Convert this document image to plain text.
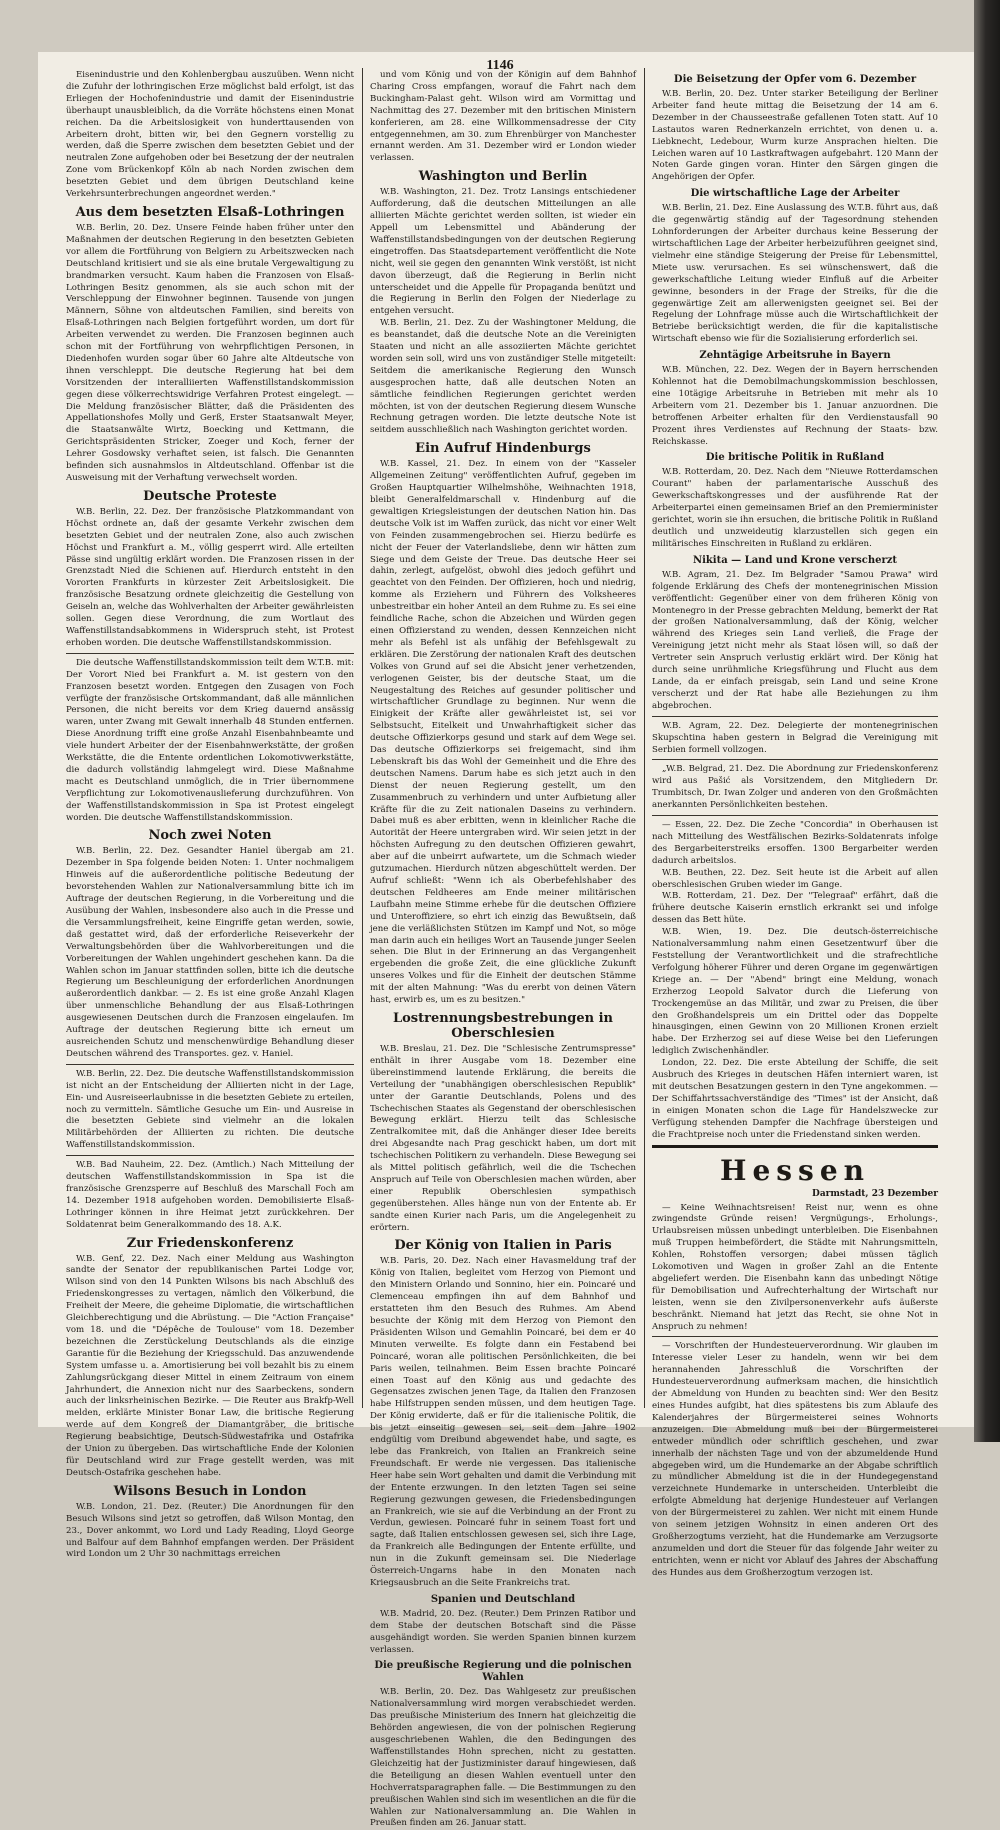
1146

Eisenindustrie und den Kohlenbergbau auszuüben. Wenn nicht die Zufuhr der lothringischen Erze möglichst bald erfolgt, ist das Erliegen der Hochofenindustrie und damit der Eisenindustrie überhaupt unausbleiblich, da die Vorräte höchstens einen Monat reichen. Da die Arbeitslosigkeit von hunderttausenden von Arbeitern droht, bitten wir, bei den Gegnern vorstellig zu werden, daß die Sperre zwischen dem besetzten Gebiet und der neutralen Zone aufgehoben oder bei Besetzung der der neutralen Zone vom Brückenkopf Köln ab nach Norden zwischen dem besetzten Gebiet und dem übrigen Deutschland keine Verkehrsunterbrechungen angeordnet werden."

Aus dem besetzten Elsaß-Lothringen

W.B. Berlin, 20. Dez. Unsere Feinde haben früher unter den Maßnahmen der deutschen Regierung in den besetzten Gebieten vor allem die Fortführung von Belgiern zu Arbeitszwecken nach Deutschland kritisiert und sie als eine brutale Vergewaltigung zu brandmarken versucht. Kaum haben die Franzosen von Elsaß-Lothringen Besitz genommen, als sie auch schon mit der Verschleppung der Einwohner beginnen. Tausende von jungen Männern, Söhne von altdeutschen Familien, sind bereits von Elsaß-Lothringen nach Belgien fortgeführt worden, um dort für Arbeiten verwendet zu werden. Die Franzosen beginnen auch schon mit der Fortführung von wehrpflichtigen Personen, in Diedenhofen wurden sogar über 60 Jahre alte Altdeutsche von ihnen verschleppt. Die deutsche Regierung hat bei dem Vorsitzenden der interalliierten Waffenstillstandskommission gegen diese völkerrechtswidrige Verfahren Protest eingelegt. — Die Meldung französischer Blätter, daß die Präsidenten des Appellationshofes Molly und Gerß, Erster Staatsanwalt Meyer, die Staatsanwälte Wirtz, Boecking und Kettmann, die Gerichtspräsidenten Stricker, Zoeger und Koch, ferner der Lehrer Gosdowsky verhaftet seien, ist falsch. Die Genannten befinden sich ausnahmslos in Altdeutschland. Offenbar ist die Ausweisung mit der Verhaftung verwechselt worden.

Deutsche Proteste

W.B. Berlin, 22. Dez. Der französische Platzkommandant von Höchst ordnete an, daß der gesamte Verkehr zwischen dem besetzten Gebiet und der neutralen Zone, also auch zwischen Höchst und Frankfurt a. M., völlig gesperrt wird. Alle erteilten Pässe sind ungültig erklärt worden. Die Franzosen rissen in der Grenzstadt Nied die Schienen auf. Hierdurch entsteht in den Vororten Frankfurts in kürzester Zeit Arbeitslosigkeit. Die französische Besatzung ordnete gleichzeitig die Gestellung von Geiseln an, welche das Wohlverhalten der Arbeiter gewährleisten sollen. Gegen diese Verordnung, die zum Wortlaut des Waffenstillstandsabkommens in Widerspruch steht, ist Protest erhoben worden. Die deutsche Waffenstillstandskommission.

Die deutsche Waffenstillstandskommission teilt dem W.T.B. mit: Der Vorort Nied bei Frankfurt a. M. ist gestern von den Franzosen besetzt worden. Entgegen den Zusagen von Foch verfügte der französische Ortskommandant, daß alle männlichen Personen, die nicht bereits vor dem Krieg dauernd ansässig waren, unter Zwang mit Gewalt innerhalb 48 Stunden entfernen. Diese Anordnung trifft eine große Anzahl Eisenbahnbeamte und viele hundert Arbeiter der der Eisenbahnwerkstätte, der großen Werkstätte, die die Entente ordentlichen Lokomotivwerkstätte, die dadurch vollständig lahmgelegt wird. Diese Maßnahme macht es Deutschland unmöglich, die in Trier übernommene Verpflichtung zur Lokomotivenauslieferung durchzuführen. Von der Waffenstillstandskommission in Spa ist Protest eingelegt worden. Die deutsche Waffenstillstandskommission.

Noch zwei Noten

W.B. Berlin, 22. Dez. Gesandter Haniel übergab am 21. Dezember in Spa folgende beiden Noten: 1. Unter nochmaligem Hinweis auf die außerordentliche politische Bedeutung der bevorstehenden Wahlen zur Nationalversammlung bitte ich im Auftrage der deutschen Regierung, in die Vorbereitung und die Ausübung der Wahlen, insbesondere also auch in die Presse und die Versammlungsfreiheit, keine Eingriffe getan werden, sowie, daß gestattet wird, daß der erforderliche Reiseverkehr der Verwaltungsbehörden über die Wahlvorbereitungen und die Vorbereitungen der Wahlen ungehindert geschehen kann. Da die Wahlen schon im Januar stattfinden sollen, bitte ich die deutsche Regierung um Beschleunigung der erforderlichen Anordnungen außerordentlich dankbar. — 2. Es ist eine große Anzahl Klagen über unmenschliche Behandlung der aus Elsaß-Lothringen ausgewiesenen Deutschen durch die Franzosen eingelaufen. Im Auftrage der deutschen Regierung bitte ich erneut um ausreichenden Schutz und menschenwürdige Behandlung dieser Deutschen während des Transportes. gez. v. Haniel.

W.B. Berlin, 22. Dez. Die deutsche Waffenstillstandskommission ist nicht an der Entscheidung der Alliierten nicht in der Lage, Ein- und Ausreiseerlaubnisse in die besetzten Gebiete zu erteilen, noch zu vermitteln. Sämtliche Gesuche um Ein- und Ausreise in die besetzten Gebiete sind vielmehr an die lokalen Militärbehörden der Alliierten zu richten. Die deutsche Waffenstillstandskommission.

W.B. Bad Nauheim, 22. Dez. (Amtlich.) Nach Mitteilung der deutschen Waffenstillstandskommission in Spa ist die französische Grenzsperre auf Beschluß des Marschall Foch am 14. Dezember 1918 aufgehoben worden. Demobilisierte Elsaß-Lothringer können in ihre Heimat jetzt zurückkehren. Der Soldatenrat beim Generalkommando des 18. A.K.

Zur Friedenskonferenz

W.B. Genf, 22. Dez. Nach einer Meldung aus Washington sandte der Senator der republikanischen Partei Lodge vor, Wilson sind von den 14 Punkten Wilsons bis nach Abschluß des Friedenskongresses zu vertagen, nämlich den Völkerbund, die Freiheit der Meere, die geheime Diplomatie, die wirtschaftlichen Gleichberechtigung und die Abrüstung. — Die "Action Française" vom 18. und die "Dépêche de Toulouse" vom 18. Dezember bezeichnen die Zerstückelung Deutschlands als die einzige Garantie für die Beziehung der Kriegsschuld. Das anzuwendende System umfasse u. a. Amortisierung bei voll bezahlt bis zu einem Zahlungsrückgang dieser Mittel in einem Zeitraum von einem Jahrhundert, die Annexion nicht nur des Saarbeckens, sondern auch der linksrheinischen Bezirke. — Die Reuter aus Brakfp-Well melden, erklärte Minister Bonar Law, die britische Regierung werde auf dem Kongreß der Diamantgräber, die britische Regierung beabsichtige, Deutsch-Südwestafrika und Ostafrika der Union zu übergeben. Das wirtschaftliche Ende der Kolonien für Deutschland wird zur Frage gestellt werden, was mit Deutsch-Ostafrika geschehen habe.

Wilsons Besuch in London

W.B. London, 21. Dez. (Reuter.) Die Anordnungen für den Besuch Wilsons sind jetzt so getroffen, daß Wilson Montag, den 23., Dover ankommt, wo Lord und Lady Reading, Lloyd George und Balfour auf dem Bahnhof empfangen werden. Der Präsident wird London um 2 Uhr 30 nachmittags erreichen

und vom König und von der Königin auf dem Bahnhof Charing Cross empfangen, worauf die Fahrt nach dem Buckingham-Palast geht. Wilson wird am Vormittag und Nachmittag des 27. Dezember mit den britischen Ministern konferieren, am 28. eine Willkommensadresse der City entgegennehmen, am 30. zum Ehrenbürger von Manchester ernannt werden. Am 31. Dezember wird er London wieder verlassen.

Washington und Berlin

W.B. Washington, 21. Dez. Trotz Lansings entschiedener Aufforderung, daß die deutschen Mitteilungen an alle alliierten Mächte gerichtet werden sollten, ist wieder ein Appell um Lebensmittel und Abänderung der Waffenstillstandsbedingungen von der deutschen Regierung eingetroffen. Das Staatsdepartement veröffentlicht die Note nicht, weil sie gegen den genannten Wink verstößt, ist nicht davon überzeugt, daß die Regierung in Berlin nicht unterscheidet und die Appelle für Propaganda benützt und die Regierung in Berlin den Folgen der Niederlage zu entgehen versucht.

W.B. Berlin, 21. Dez. Zu der Washingtoner Meldung, die es beanstandet, daß die deutsche Note an die Vereinigten Staaten und nicht an alle assoziierten Mächte gerichtet worden sein soll, wird uns von zuständiger Stelle mitgeteilt: Seitdem die amerikanische Regierung den Wunsch ausgesprochen hatte, daß alle deutschen Noten an sämtliche feindlichen Regierungen gerichtet werden möchten, ist von der deutschen Regierung diesem Wunsche Rechnung getragen worden. Die letzte deutsche Note ist seitdem ausschließlich nach Washington gerichtet worden.

Ein Aufruf Hindenburgs

W.B. Kassel, 21. Dez. In einem von der "Kasseler Allgemeinen Zeitung" veröffentlichten Aufruf, gegeben im Großen Hauptquartier Wilhelmshöhe, Weihnachten 1918, bleibt Generalfeldmarschall v. Hindenburg auf die gewaltigen Kriegsleistungen der deutschen Nation hin. Das deutsche Volk ist im Waffen zurück, das nicht vor einer Welt von Feinden zusammengebrochen sei. Hierzu bedürfe es nicht der Feuer der Vaterlandsliebe, denn wir hätten zum Siege und dem Geiste der Treue. Das deutsche Heer sei dahin, zerlegt, aufgelöst, obwohl dies jedoch geführt und geachtet von den Feinden. Der Offizieren, hoch und niedrig, komme als Erziehern und Führern des Volksheeres unbestreitbar ein hoher Anteil an dem Ruhme zu. Es sei eine feindliche Rache, schon die Abzeichen und Würden gegen einen Offizierstand zu wenden, dessen Kennzeichen nicht mehr als Befehl ist als unfähig der Befehlsgewalt zu erklären. Die Zerstörung der nationalen Kraft des deutschen Volkes von Grund auf sei die Absicht jener verhetzenden, verlogenen Geister, bis der deutsche Staat, um die Neugestaltung des Reiches auf gesunder politischer und wirtschaftlicher Grundlage zu beginnen. Nur wenn die Einigkeit der Kräfte aller gewährleistet ist, sei vor Selbstsucht, Eitelkeit und Unwahrhaftigkeit sicher das deutsche Offizierkorps gesund und stark auf dem Wege sei. Das deutsche Offizierkorps sei freigemacht, sind ihm Lebenskraft bis das Wohl der Gemeinheit und die Ehre des deutschen Namens. Darum habe es sich jetzt auch in den Dienst der neuen Regierung gestellt, um den Zusammenbruch zu verhindern und unter Aufbietung aller Kräfte für die zu Zeit nationalen Daseins zu verhindern. Dabei muß es aber erbitten, wenn in kleinlicher Rache die Autorität der Heere untergraben wird. Wir seien jetzt in der höchsten Aufregung zu den deutschen Offizieren gewahrt, aber auf die unbeirrt aufwartete, um die Schmach wieder gutzumachen. Hierdurch nützen abgeschüttelt werden. Der Aufruf schließt: "Wenn ich als Oberbefehlshaber des deutschen Feldheeres am Ende meiner militärischen Laufbahn meine Stimme erhebe für die deutschen Offiziere und Unteroffiziere, so ehrt ich einzig das Bewußtsein, daß jene die verläßlichsten Stützen im Kampf und Not, so möge man darin auch ein heiliges Wort an Tausende junger Seelen sehen. Die Blut in der Erinnerung an das Vergangenheit ergebenden die große Zeit, die eine glückliche Zukunft unseres Volkes und für die Einheit der deutschen Stämme mit der alten Mahnung: "Was du ererbt von deinen Vätern hast, erwirb es, um es zu besitzen."

Lostrennungsbestrebungen in Oberschlesien

W.B. Breslau, 21. Dez. Die "Schlesische Zentrumspresse" enthält in ihrer Ausgabe vom 18. Dezember eine übereinstimmend lautende Erklärung, die bereits die Verteilung der "unabhängigen oberschlesischen Republik" unter der Garantie Deutschlands, Polens und des Tschechischen Staates als Gegenstand der oberschlesischen Bewegung erklärt. Hierzu teilt das Schlesische Zentralkomitee mit, daß die Anhänger dieser Idee bereits drei Abgesandte nach Prag geschickt haben, um dort mit tschechischen Politikern zu verhandeln. Diese Bewegung sei als Mittel politisch gefährlich, weil die die Tschechen Anspruch auf Teile von Oberschlesien machen würden, aber einer Republik Oberschlesien sympathisch gegenüberstehen. Alles hänge nun von der Entente ab. Er sandte einen Kurier nach Paris, um die Angelegenheit zu erörtern.

Der König von Italien in Paris

W.B. Paris, 20. Dez. Nach einer Havasmeldung traf der König von Italien, begleitet vom Herzog von Piemont und den Ministern Orlando und Sonnino, hier ein. Poincaré und Clemenceau empfingen ihn auf dem Bahnhof und erstatteten ihm den Besuch des Ruhmes. Am Abend besuchte der König mit dem Herzog von Piemont den Präsidenten Wilson und Gemahlin Poincaré, bei dem er 40 Minuten verweilte. Es folgte dann ein Festabend bei Poincaré, woran alle politischen Persönlichkeiten, die bei Paris weilen, teilnahmen. Beim Essen brachte Poincaré einen Toast auf den König aus und gedachte des Gegensatzes zwischen jenen Tage, da Italien den Franzosen habe Hilfstruppen senden müssen, und dem heutigen Tage. Der König erwiderte, daß er für die italienische Politik, die bis jetzt einseitig gewesen sei, seit dem Jahre 1902 endgültig vom Dreibund abgewendet habe, und sagte, es lebe das Frankreich, von Italien an Frankreich seine Freundschaft. Er werde nie vergessen. Das italienische Heer habe sein Wort gehalten und damit die Verbindung mit der Entente erzwungen. In den letzten Tagen sei seine Regierung gezwungen gewesen, die Friedensbedingungen an Frankreich, wie sie auf die Verbindung an der Front zu Verdun, gewiesen. Poincaré fuhr in seinem Toast fort und sagte, daß Italien entschlossen gewesen sei, sich ihre Lage, da Frankreich alle Bedingungen der Entente erfüllte, und nun in die Zukunft gemeinsam sei. Die Niederlage Österreich-Ungarns habe in den Monaten nach Kriegsausbruch an die Seite Frankreichs trat.

Spanien und Deutschland

W.B. Madrid, 20. Dez. (Reuter.) Dem Prinzen Ratibor und dem Stabe der deutschen Botschaft sind die Pässe ausgehändigt worden. Sie werden Spanien binnen kurzem verlassen.

Die preußische Regierung und die polnischen Wahlen

W.B. Berlin, 20. Dez. Das Wahlgesetz zur preußischen Nationalversammlung wird morgen verabschiedet werden. Das preußische Ministerium des Innern hat gleichzeitig die Behörden angewiesen, die von der polnischen Regierung ausgeschriebenen Wahlen, die den Bedingungen des Waffenstillstandes Hohn sprechen, nicht zu gestatten. Gleichzeitig hat der Justizminister darauf hingewiesen, daß die Beteiligung an diesen Wahlen eventuell unter den Hochverratsparagraphen falle. — Die Bestimmungen zu den preußischen Wahlen sind sich im wesentlichen an die für die Wahlen zur Nationalversammlung an. Die Wahlen in Preußen finden am 26. Januar statt.

Die Beisetzung der Opfer vom 6. Dezember

W.B. Berlin, 20. Dez. Unter starker Beteiligung der Berliner Arbeiter fand heute mittag die Beisetzung der 14 am 6. Dezember in der Chausseestraße gefallenen Toten statt. Auf 10 Lastautos waren Rednerkanzeln errichtet, von denen u. a. Liebknecht, Ledebour, Wurm kurze Ansprachen hielten. Die Leichen waren auf 10 Lastkraftwagen aufgebahrt. 120 Mann der Noten Garde gingen voran. Hinter den Särgen gingen die Angehörigen der Opfer.

Die wirtschaftliche Lage der Arbeiter

W.B. Berlin, 21. Dez. Eine Auslassung des W.T.B. führt aus, daß die gegenwärtig ständig auf der Tagesordnung stehenden Lohnforderungen der Arbeiter durchaus keine Besserung der wirtschaftlichen Lage der Arbeiter herbeizuführen geeignet sind, vielmehr eine ständige Steigerung der Preise für Lebensmittel, Miete usw. verursachen. Es sei wünschenswert, daß die gewerkschaftliche Leitung wieder Einfluß auf die Arbeiter gewinne, besonders in der Frage der Streiks, für die die gegenwärtige Zeit am allerwenigsten geeignet sei. Bei der Regelung der Lohnfrage müsse auch die Wirtschaftlichkeit der Betriebe berücksichtigt werden, die für die kapitalistische Wirtschaft ebenso wie für die Sozialisierung erforderlich sei.

Zehntägige Arbeitsruhe in Bayern

W.B. München, 22. Dez. Wegen der in Bayern herrschenden Kohlennot hat die Demobilmachungskommission beschlossen, eine 10tägige Arbeitsruhe in Betrieben mit mehr als 10 Arbeitern vom 21. Dezember bis 1. Januar anzuordnen. Die betroffenen Arbeiter erhalten für den Verdienstausfall 90 Prozent ihres Verdienstes auf Rechnung der Staats- bzw. Reichskasse.

Die britische Politik in Rußland

W.B. Rotterdam, 20. Dez. Nach dem "Nieuwe Rotterdamschen Courant" haben der parlamentarische Ausschuß des Gewerkschaftskongresses und der ausführende Rat der Arbeiterpartei einen gemeinsamen Brief an den Premierminister gerichtet, worin sie ihn ersuchen, die britische Politik in Rußland deutlich und unzweideutig klarzustellen sich gegen ein militärisches Einschreiten in Rußland zu erklären.

Nikita — Land und Krone verscherzt

W.B. Agram, 21. Dez. Im Belgrader "Samou Prawa" wird folgende Erklärung des Chefs der montenegrinischen Mission veröffentlicht: Gegenüber einer von dem früheren König von Montenegro in der Presse gebrachten Meldung, bemerkt der Rat der großen Nationalversammlung, daß der König, welcher während des Krieges sein Land verließ, die Frage der Vereinigung jetzt nicht mehr als Staat lösen will, so daß der Vertreter sein Anspruch verlustig erklärt wird. Der König hat durch seine unrühmliche Kriegsführung und Flucht aus dem Lande, da er einfach preisgab, sein Land und seine Krone verscherzt und der Rat habe alle Beziehungen zu ihm abgebrochen.

W.B. Agram, 22. Dez. Delegierte der montenegrinischen Skupschtina haben gestern in Belgrad die Vereinigung mit Serbien formell vollzogen.

„W.B. Belgrad, 21. Dez. Die Abordnung zur Friedenskonferenz wird aus Pašić als Vorsitzendem, den Mitgliedern Dr. Trumbitsch, Dr. Iwan Zolger und anderen von den Großmächten anerkannten Persönlichkeiten bestehen.

— Essen, 22. Dez. Die Zeche "Concordia" in Oberhausen ist nach Mitteilung des Westfälischen Bezirks-Soldatenrats infolge des Bergarbeiterstreiks ersoffen. 1300 Bergarbeiter werden dadurch arbeitslos.

W.B. Beuthen, 22. Dez. Seit heute ist die Arbeit auf allen oberschlesischen Gruben wieder im Gange.

W.B. Rotterdam, 21. Dez. Der "Telegraaf" erfährt, daß die frühere deutsche Kaiserin ernstlich erkrankt sei und infolge dessen das Bett hüte.

W.B. Wien, 19. Dez. Die deutsch-österreichische Nationalversammlung nahm einen Gesetzentwurf über die Feststellung der Verantwortlichkeit und die strafrechtliche Verfolgung höherer Führer und deren Organe im gegenwärtigen Kriege an. — Der "Abend" bringt eine Meldung, wonach Erzherzog Leopold Salvator durch die Lieferung von Trockengemüse an das Militär, und zwar zu Preisen, die über den Großhandelspreis um ein Drittel oder das Doppelte hinausgingen, einen Gewinn von 20 Millionen Kronen erzielt habe. Der Erzherzog sei auf diese Weise bei den Lieferungen lediglich Zwischenhändler.

London, 22. Dez. Die erste Abteilung der Schiffe, die seit Ausbruch des Krieges in deutschen Häfen interniert waren, ist mit deutschen Besatzungen gestern in den Tyne angekommen. — Der Schiffahrtssachverständige des "Times" ist der Ansicht, daß in einigen Monaten schon die Lage für Handelszwecke zur Verfügung stehenden Dampfer die Nachfrage übersteigen und die Frachtpreise noch unter die Friedenstand sinken werden.

Hessen
Darmstadt, 23 Dezember

— Keine Weihnachtsreisen! Reist nur, wenn es ohne zwingendste Gründe reisen! Vergnügungs-, Erholungs-, Urlaubsreisen müssen unbedingt unterbleiben. Die Eisenbahnen muß Truppen heimbefördert, die Städte mit Nahrungsmitteln, Kohlen, Rohstoffen versorgen; dabei müssen täglich Lokomotiven und Wagen in großer Zahl an die Entente abgeliefert werden. Die Eisenbahn kann das unbedingt Nötige für Demobilisation und Aufrechterhaltung der Wirtschaft nur leisten, wenn sie den Zivilpersonenverkehr aufs äußerste beschränkt. Niemand hat jetzt das Recht, sie ohne Not in Anspruch zu nehmen!

— Vorschriften der Hundesteuerverordnung. Wir glauben im Interesse vieler Leser zu handeln, wenn wir bei dem herannahenden Jahresschluß die Vorschriften der Hundesteuerverordnung aufmerksam machen, die hinsichtlich der Abmeldung von Hunden zu beachten sind: Wer den Besitz eines Hundes aufgibt, hat dies spätestens bis zum Ablaufe des Kalenderjahres der Bürgermeisterei seines Wohnorts anzuzeigen. Die Abmeldung muß bei der Bürgermeisterei entweder mündlich oder schriftlich geschehen, und zwar innerhalb der nächsten Tage und von der abzumeldende Hund abgegeben wird, um die Hundemarke an der Abgabe schriftlich zu mündlicher Abmeldung ist die in der Hundegegenstand verzeichnete Hundemarke in unterscheiden. Unterbleibt die erfolgte Abmeldung hat derjenige Hundesteuer auf Verlangen von der Bürgermeisterei zu zahlen. Wer nicht mit einem Hunde von seinem jetzigen Wohnsitz in einen anderen Ort des Großherzogtums verzieht, hat die Hundemarke am Verzugsorte anzumelden und dort die Steuer für das folgende Jahr weiter zu entrichten, wenn er nicht vor Ablauf des Jahres der Abschaffung des Hundes aus dem Großherzogtum verzogen ist.
